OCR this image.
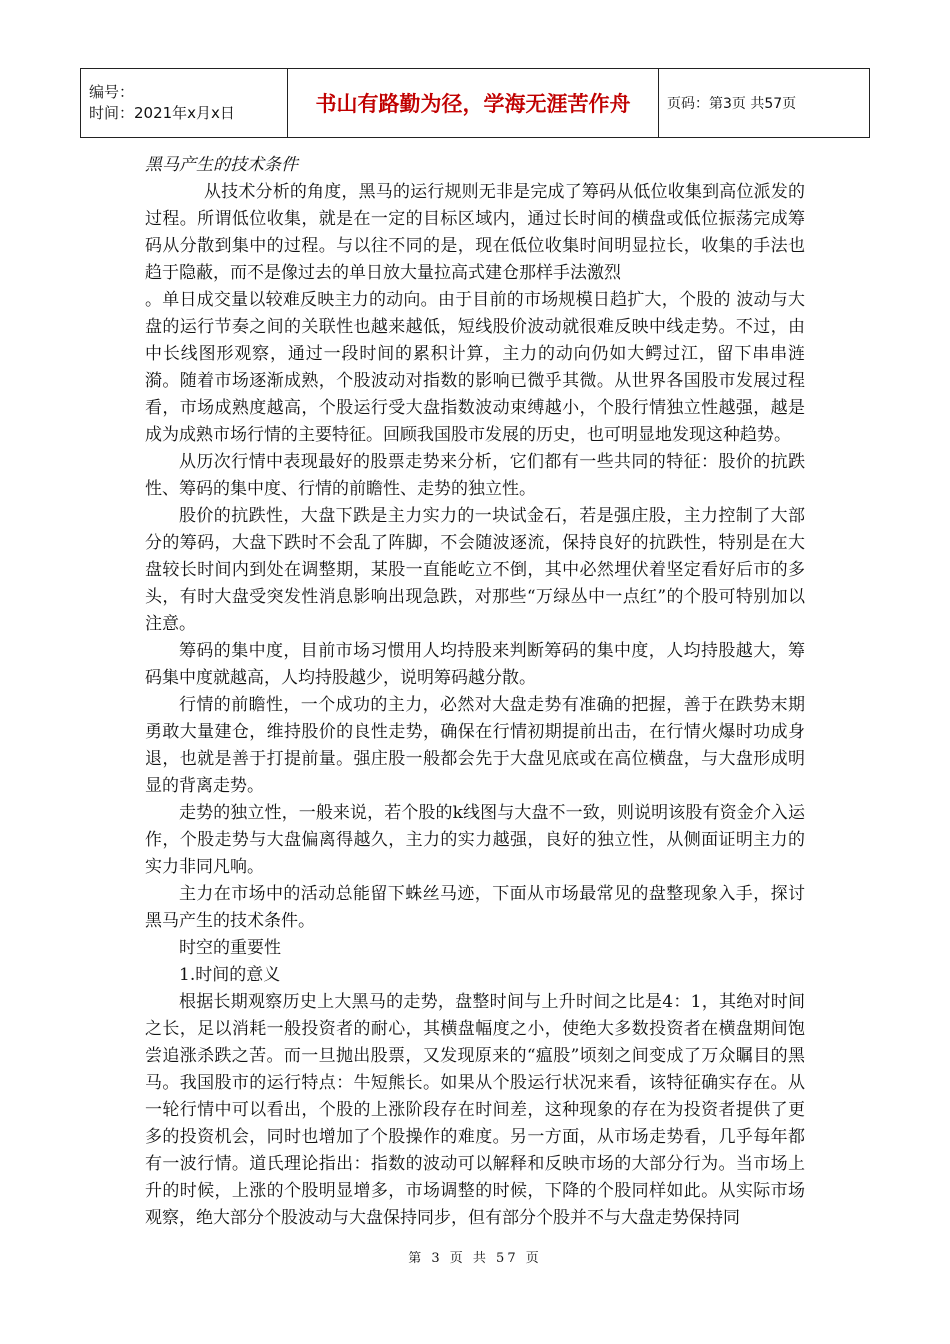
编号：
时间：2021年x月x日	书山有路勤为径，学海无涯苦作舟	页码：第3页 共57页

黑马产生的技术条件

从技术分析的角度，黑马的运行规则无非是完成了筹码从低位收集到高位派发的过程。所谓低位收集，就是在一定的目标区域内，通过长时间的横盘或低位振荡完成筹码从分散到集中的过程。与以往不同的是，现在低位收集时间明显拉长，收集的手法也趋于隐蔽，而不是像过去的单日放大量拉高式建仓那样手法激烈

。单日成交量以较难反映主力的动向。由于目前的市场规模日趋扩大，个股的 波动与大盘的运行节奏之间的关联性也越来越低，短线股价波动就很难反映中线走势。不过，由中长线图形观察，通过一段时间的累积计算，主力的动向仍如大鳄过江，留下串串涟漪。随着市场逐渐成熟，个股波动对指数的影响已微乎其微。从世界各国股市发展过程看，市场成熟度越高，个股运行受大盘指数波动束缚越小，个股行情独立性越强，越是成为成熟市场行情的主要特征。回顾我国股市发展的历史，也可明显地发现这种趋势。

从历次行情中表现最好的股票走势来分析，它们都有一些共同的特征：股价的抗跌性、筹码的集中度、行情的前瞻性、走势的独立性。

股价的抗跌性，大盘下跌是主力实力的一块试金石，若是强庄股，主力控制了大部分的筹码，大盘下跌时不会乱了阵脚，不会随波逐流，保持良好的抗跌性，特别是在大盘较长时间内到处在调整期，某股一直能屹立不倒，其中必然埋伏着坚定看好后市的多头，有时大盘受突发性消息影响出现急跌，对那些“万绿丛中一点红”的个股可特别加以注意。

筹码的集中度，目前市场习惯用人均持股来判断筹码的集中度，人均持股越大，筹码集中度就越高，人均持股越少，说明筹码越分散。

行情的前瞻性，一个成功的主力，必然对大盘走势有准确的把握，善于在跌势末期勇敢大量建仓，维持股价的良性走势，确保在行情初期提前出击，在行情火爆时功成身退，也就是善于打提前量。强庄股一般都会先于大盘见底或在高位横盘，与大盘形成明显的背离走势。

走势的独立性，一般来说，若个股的k线图与大盘不一致，则说明该股有资金介入运作，个股走势与大盘偏离得越久，主力的实力越强，良好的独立性，从侧面证明主力的实力非同凡响。

主力在市场中的活动总能留下蛛丝马迹，下面从市场最常见的盘整现象入手，探讨黑马产生的技术条件。

时空的重要性

1.时间的意义

根据长期观察历史上大黑马的走势，盘整时间与上升时间之比是4：1，其绝对时间之长，足以消耗一般投资者的耐心，其横盘幅度之小，使绝大多数投资者在横盘期间饱尝追涨杀跌之苦。而一旦抛出股票，又发现原来的“瘟股”顷刻之间变成了万众瞩目的黑马。我国股市的运行特点：牛短熊长。如果从个股运行状况来看，该特征确实存在。从一轮行情中可以看出，个股的上涨阶段存在时间差，这种现象的存在为投资者提供了更多的投资机会，同时也增加了个股操作的难度。另一方面，从市场走势看，几乎每年都有一波行情。道氏理论指出：指数的波动可以解释和反映市场的大部分行为。当市场上升的时候，上涨的个股明显增多，市场调整的时候，下降的个股同样如此。从实际市场观察，绝大部分个股波动与大盘保持同步，但有部分个股并不与大盘走势保持同

第 3 页 共 57 页
